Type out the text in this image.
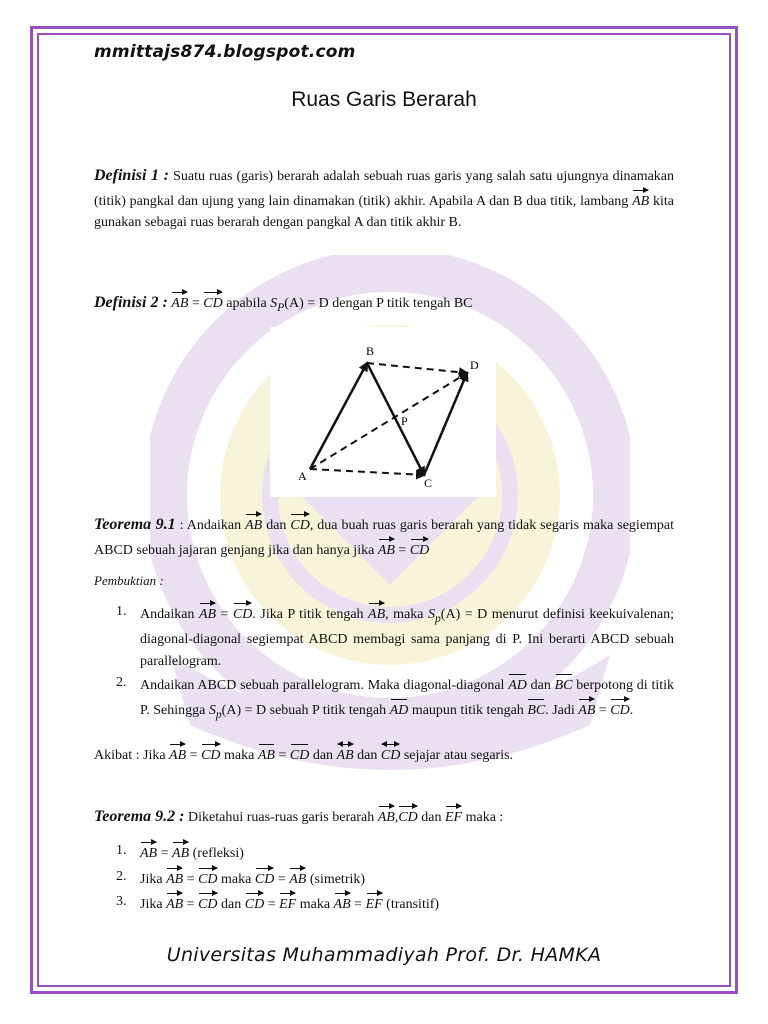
mmittajs874.blogspot.com
Ruas Garis Berarah
Definisi 1 : Suatu ruas (garis) berarah adalah sebuah ruas garis yang salah satu ujungnya dinamakan (titik) pangkal dan ujung yang lain dinamakan (titik) akhir. Apabila A dan B dua titik, lambang AB kita gunakan sebagai ruas berarah dengan pangkal A dan titik akhir B.
Definisi 2 : AB = CD apabila $S_P(A) = D$ dengan P titik tengah BC
A
B
C
D
P
Teorema 9.1 : Andaikan AB dan CD, dua buah ruas garis berarah yang tidak segaris maka segiempat ABCD sebuah jajaran genjang jika dan hanya jika AB = CD
Pembuktian :
1. Andaikan AB = CD. Jika P titik tengah AB, maka $S_p(A) = D$ menurut definisi keekuivalenan; diagonal-diagonal segiempat ABCD membagi sama panjang di P. Ini berarti ABCD sebuah parallelogram.
2. Andaikan ABCD sebuah parallelogram. Maka diagonal-diagonal AD dan BC berpotong di titik P. Sehingga $S_p(A) = D$ sebuah P titik tengah AD maupun titik tengah BC. Jadi AB = CD.
Akibat : Jika AB = CD maka AB = CD dan AB dan CD sejajar atau segaris.
Teorema 9.2 : Diketahui ruas-ruas garis berarah AB,CD dan EF maka :
1. AB = AB (refleksi)
2. Jika AB = CD maka CD = AB (simetrik)
3. Jika AB = CD dan CD = EF maka AB = EF (transitif)
Universitas Muhammadiyah Prof. Dr. HAMKA
